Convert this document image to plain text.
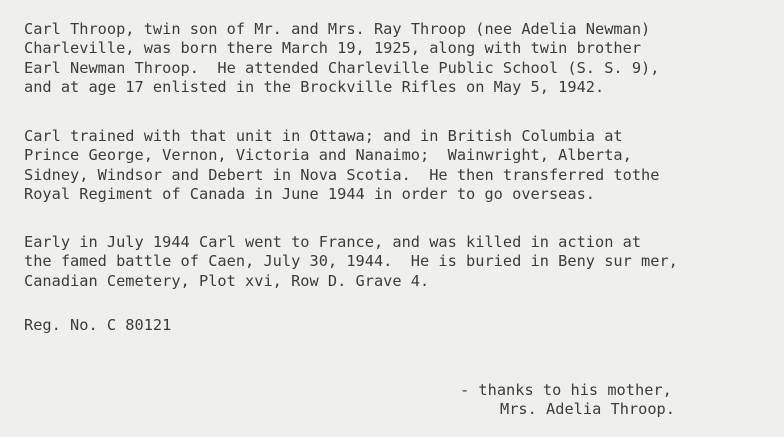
Carl Throop, twin son of Mr. and Mrs. Ray Throop (nee Adelia Newman)
Charleville, was born there March 19, 1925, along with twin brother
Earl Newman Throop.  He attended Charleville Public School (S. S. 9),
and at age 17 enlisted in the Brockville Rifles on May 5, 1942.
Carl trained with that unit in Ottawa; and in British Columbia at
Prince George, Vernon, Victoria and Nanaimo;  Wainwright, Alberta,
Sidney, Windsor and Debert in Nova Scotia.  He then transferred tothe
Royal Regiment of Canada in June 1944 in order to go overseas.
Early in July 1944 Carl went to France, and was killed in action at
the famed battle of Caen, July 30, 1944.  He is buried in Beny sur mer,
Canadian Cemetery, Plot xvi, Row D. Grave 4.
Reg. No. C 80121
- thanks to his mother,
Mrs. Adelia Throop.
